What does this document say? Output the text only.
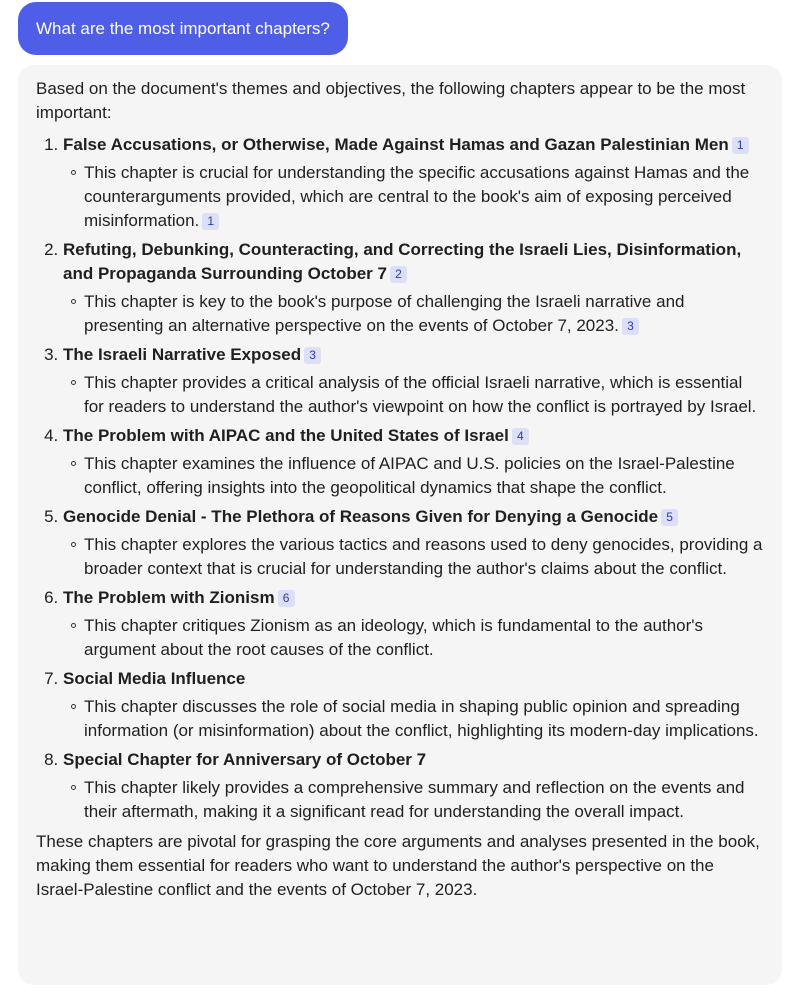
What are the most important chapters?

Based on the document's themes and objectives, the following chapters appear to be the most important:

1. False Accusations, or Otherwise, Made Against Hamas and Gazan Palestinian Men 1
This chapter is crucial for understanding the specific accusations against Hamas and the counterarguments provided, which are central to the book's aim of exposing perceived misinformation. 1
2. Refuting, Debunking, Counteracting, and Correcting the Israeli Lies, Disinformation, and Propaganda Surrounding October 7 2
This chapter is key to the book's purpose of challenging the Israeli narrative and presenting an alternative perspective on the events of October 7, 2023. 3
3. The Israeli Narrative Exposed 3
This chapter provides a critical analysis of the official Israeli narrative, which is essential for readers to understand the author's viewpoint on how the conflict is portrayed by Israel.
4. The Problem with AIPAC and the United States of Israel 4
This chapter examines the influence of AIPAC and U.S. policies on the Israel-Palestine conflict, offering insights into the geopolitical dynamics that shape the conflict.
5. Genocide Denial - The Plethora of Reasons Given for Denying a Genocide 5
This chapter explores the various tactics and reasons used to deny genocides, providing a broader context that is crucial for understanding the author's claims about the conflict.
6. The Problem with Zionism 6
This chapter critiques Zionism as an ideology, which is fundamental to the author's argument about the root causes of the conflict.
7. Social Media Influence
This chapter discusses the role of social media in shaping public opinion and spreading information (or misinformation) about the conflict, highlighting its modern-day implications.
8. Special Chapter for Anniversary of October 7
This chapter likely provides a comprehensive summary and reflection on the events and their aftermath, making it a significant read for understanding the overall impact.

These chapters are pivotal for grasping the core arguments and analyses presented in the book, making them essential for readers who want to understand the author's perspective on the Israel-Palestine conflict and the events of October 7, 2023.
